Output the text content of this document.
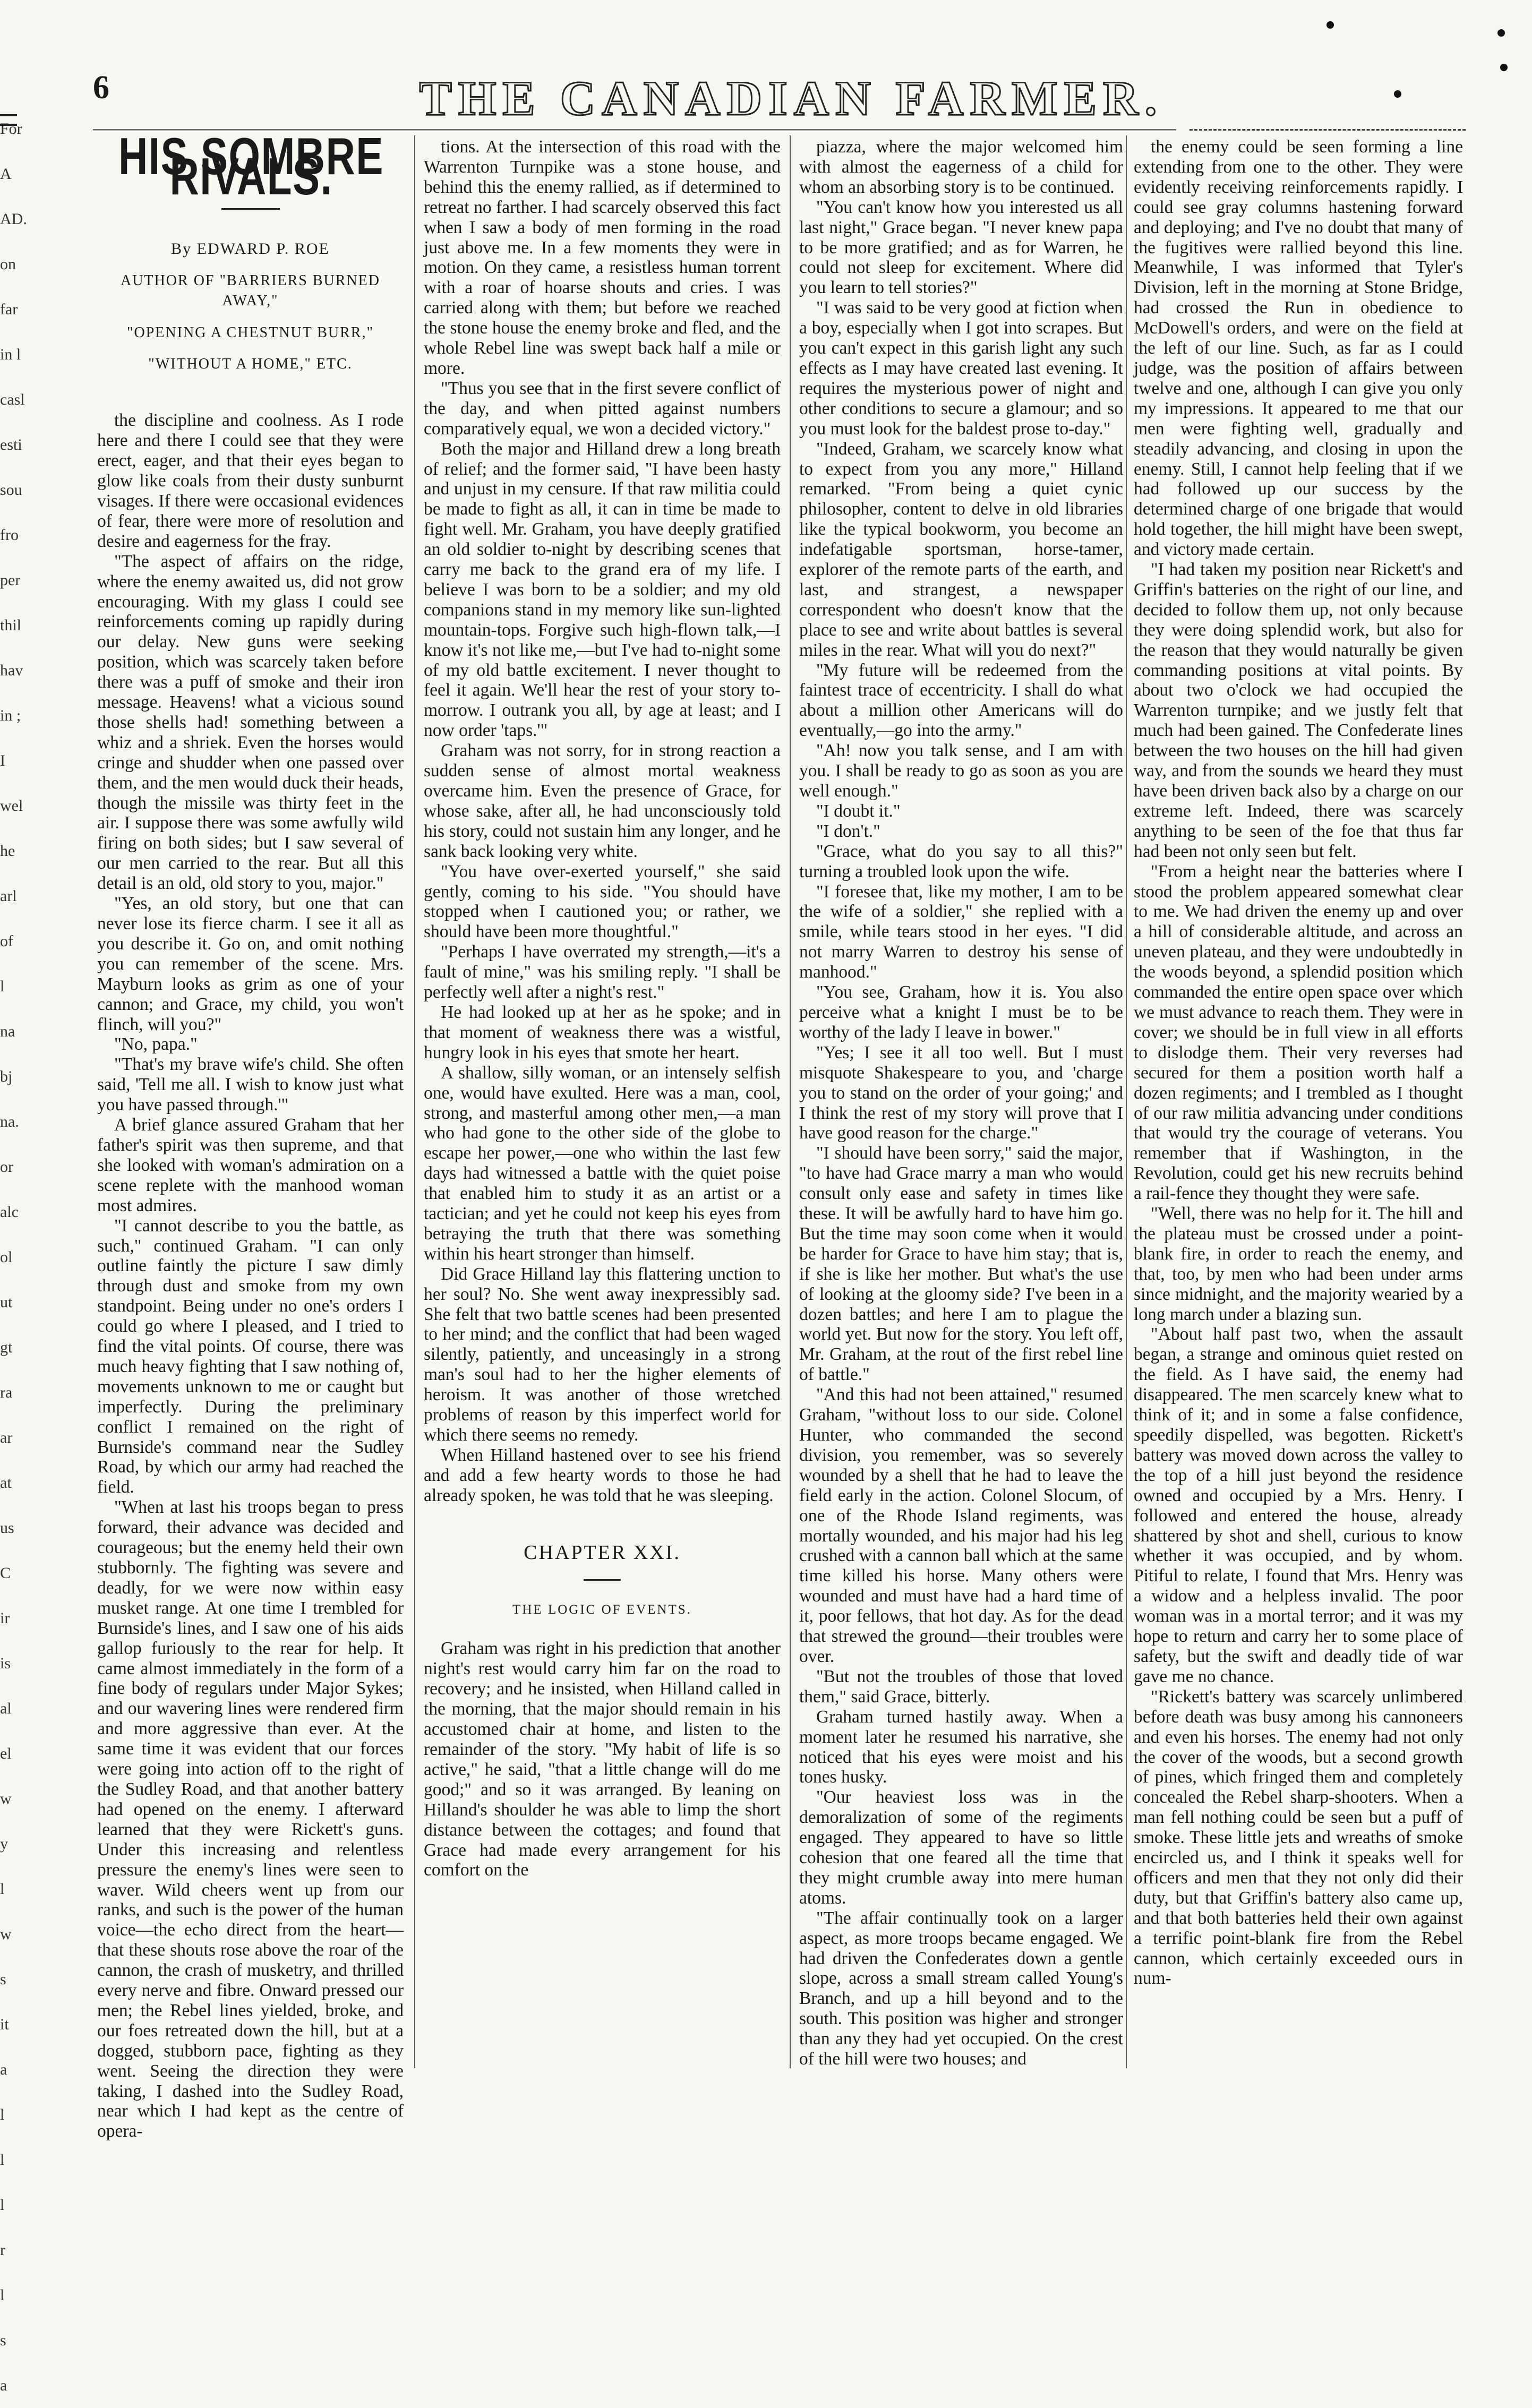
6	THE CANADIAN FARMER.
For
A
AD.
on
far
in l
casl
esti
sou
fro
per
thil
hav
in ;
I
wel
he
arl
of l
na
bj
na.
or
alc
ol
ut
gt
ra
ar
at
us
C
ir
is
al
el
w
y
l
w
s
it
a
l
l
l
r
l
s
a
HIS SOMBRE RIVALS.
By EDWARD P. ROE
AUTHOR OF "BARRIERS BURNED AWAY,"
"OPENING A CHESTNUT BURR,"
"WITHOUT A HOME," ETC.

the discipline and coolness. As I rode here and there I could see that they were erect, eager, and that their eyes began to glow like coals from their dusty sunburnt visages. If there were occasional evidences of fear, there were more of resolution and desire and eagerness for the fray.

"The aspect of affairs on the ridge, where the enemy awaited us, did not grow encouraging. With my glass I could see reinforcements coming up rapidly during our delay. New guns were seeking position, which was scarcely taken before there was a puff of smoke and their iron message. Heavens! what a vicious sound those shells had! something between a whiz and a shriek. Even the horses would cringe and shudder when one passed over them, and the men would duck their heads, though the missile was thirty feet in the air. I suppose there was some awfully wild firing on both sides; but I saw several of our men carried to the rear. But all this detail is an old, old story to you, major."

"Yes, an old story, but one that can never lose its fierce charm. I see it all as you describe it. Go on, and omit nothing you can remember of the scene. Mrs. Mayburn looks as grim as one of your cannon; and Grace, my child, you won't flinch, will you?"

"No, papa."

"That's my brave wife's child. She often said, 'Tell me all. I wish to know just what you have passed through.'"

A brief glance assured Graham that her father's spirit was then supreme, and that she looked with woman's admiration on a scene replete with the manhood woman most admires.

"I cannot describe to you the battle, as such," continued Graham. "I can only outline faintly the picture I saw dimly through dust and smoke from my own standpoint. Being under no one's orders I could go where I pleased, and I tried to find the vital points. Of course, there was much heavy fighting that I saw nothing of, movements unknown to me or caught but imperfectly. During the preliminary conflict I remained on the right of Burnside's command near the Sudley Road, by which our army had reached the field.

"When at last his troops began to press forward, their advance was decided and courageous; but the enemy held their own stubbornly. The fighting was severe and deadly, for we were now within easy musket range. At one time I trembled for Burnside's lines, and I saw one of his aids gallop furiously to the rear for help. It came almost immediately in the form of a fine body of regulars under Major Sykes; and our wavering lines were rendered firm and more aggressive than ever. At the same time it was evident that our forces were going into action off to the right of the Sudley Road, and that another battery had opened on the enemy. I afterward learned that they were Rickett's guns. Under this increasing and relentless pressure the enemy's lines were seen to waver. Wild cheers went up from our ranks, and such is the power of the human voice—the echo direct from the heart—that these shouts rose above the roar of the cannon, the crash of musketry, and thrilled every nerve and fibre. Onward pressed our men; the Rebel lines yielded, broke, and our foes retreated down the hill, but at a dogged, stubborn pace, fighting as they went. Seeing the direction they were taking, I dashed into the Sudley Road, near which I had kept as the centre of opera-

tions. At the intersection of this road with the Warrenton Turnpike was a stone house, and behind this the enemy rallied, as if determined to retreat no farther. I had scarcely observed this fact when I saw a body of men forming in the road just above me. In a few moments they were in motion. On they came, a resistless human torrent with a roar of hoarse shouts and cries. I was carried along with them; but before we reached the stone house the enemy broke and fled, and the whole Rebel line was swept back half a mile or more.

"Thus you see that in the first severe conflict of the day, and when pitted against numbers comparatively equal, we won a decided victory."

Both the major and Hilland drew a long breath of relief; and the former said, "I have been hasty and unjust in my censure. If that raw militia could be made to fight as all, it can in time be made to fight well. Mr. Graham, you have deeply gratified an old soldier to-night by describing scenes that carry me back to the grand era of my life. I believe I was born to be a soldier; and my old companions stand in my memory like sun-lighted mountain-tops. Forgive such high-flown talk,—I know it's not like me,—but I've had to-night some of my old battle excitement. I never thought to feel it again. We'll hear the rest of your story to-morrow. I outrank you all, by age at least; and I now order 'taps.'"

Graham was not sorry, for in strong reaction a sudden sense of almost mortal weakness overcame him. Even the presence of Grace, for whose sake, after all, he had unconsciously told his story, could not sustain him any longer, and he sank back looking very white.

"You have over-exerted yourself," she said gently, coming to his side. "You should have stopped when I cautioned you; or rather, we should have been more thoughtful."

"Perhaps I have overrated my strength,—it's a fault of mine," was his smiling reply. "I shall be perfectly well after a night's rest."

He had looked up at her as he spoke; and in that moment of weakness there was a wistful, hungry look in his eyes that smote her heart.

A shallow, silly woman, or an intensely selfish one, would have exulted. Here was a man, cool, strong, and masterful among other men,—a man who had gone to the other side of the globe to escape her power,—one who within the last few days had witnessed a battle with the quiet poise that enabled him to study it as an artist or a tactician; and yet he could not keep his eyes from betraying the truth that there was something within his heart stronger than himself.

Did Grace Hilland lay this flattering unction to her soul? No. She went away inexpressibly sad. She felt that two battle scenes had been presented to her mind; and the conflict that had been waged silently, patiently, and unceasingly in a strong man's soul had to her the higher elements of heroism. It was another of those wretched problems of reason by this imperfect world for which there seems no remedy.

When Hilland hastened over to see his friend and add a few hearty words to those he had already spoken, he was told that he was sleeping.

CHAPTER XXI.
THE LOGIC OF EVENTS.

Graham was right in his prediction that another night's rest would carry him far on the road to recovery; and he insisted, when Hilland called in the morning, that the major should remain in his accustomed chair at home, and listen to the remainder of the story. "My habit of life is so active," he said, "that a little change will do me good;" and so it was arranged. By leaning on Hilland's shoulder he was able to limp the short distance between the cottages; and found that Grace had made every arrangement for his comfort on the

piazza, where the major welcomed him with almost the eagerness of a child for whom an absorbing story is to be continued.

"You can't know how you interested us all last night," Grace began. "I never knew papa to be more gratified; and as for Warren, he could not sleep for excitement. Where did you learn to tell stories?"

"I was said to be very good at fiction when a boy, especially when I got into scrapes. But you can't expect in this garish light any such effects as I may have created last evening. It requires the mysterious power of night and other conditions to secure a glamour; and so you must look for the baldest prose to-day."

"Indeed, Graham, we scarcely know what to expect from you any more," Hilland remarked. "From being a quiet cynic philosopher, content to delve in old libraries like the typical bookworm, you become an indefatigable sportsman, horse-tamer, explorer of the remote parts of the earth, and last, and strangest, a newspaper correspondent who doesn't know that the place to see and write about battles is several miles in the rear. What will you do next?"

"My future will be redeemed from the faintest trace of eccentricity. I shall do what about a million other Americans will do eventually,—go into the army."

"Ah! now you talk sense, and I am with you. I shall be ready to go as soon as you are well enough."

"I doubt it."

"I don't."

"Grace, what do you say to all this?" turning a troubled look upon the wife.

"I foresee that, like my mother, I am to be the wife of a soldier," she replied with a smile, while tears stood in her eyes. "I did not marry Warren to destroy his sense of manhood."

"You see, Graham, how it is. You also perceive what a knight I must be to be worthy of the lady I leave in bower."

"Yes; I see it all too well. But I must misquote Shakespeare to you, and 'charge you to stand on the order of your going;' and I think the rest of my story will prove that I have good reason for the charge."

"I should have been sorry," said the major, "to have had Grace marry a man who would consult only ease and safety in times like these. It will be awfully hard to have him go. But the time may soon come when it would be harder for Grace to have him stay; that is, if she is like her mother. But what's the use of looking at the gloomy side? I've been in a dozen battles; and here I am to plague the world yet. But now for the story. You left off, Mr. Graham, at the rout of the first rebel line of battle."

"And this had not been attained," resumed Graham, "without loss to our side. Colonel Hunter, who commanded the second division, you remember, was so severely wounded by a shell that he had to leave the field early in the action. Colonel Slocum, of one of the Rhode Island regiments, was mortally wounded, and his major had his leg crushed with a cannon ball which at the same time killed his horse. Many others were wounded and must have had a hard time of it, poor fellows, that hot day. As for the dead that strewed the ground—their troubles were over.

"But not the troubles of those that loved them," said Grace, bitterly.

Graham turned hastily away. When a moment later he resumed his narrative, she noticed that his eyes were moist and his tones husky.

"Our heaviest loss was in the demoralization of some of the regiments engaged. They appeared to have so little cohesion that one feared all the time that they might crumble away into mere human atoms.

"The affair continually took on a larger aspect, as more troops became engaged. We had driven the Confederates down a gentle slope, across a small stream called Young's Branch, and up a hill beyond and to the south. This position was higher and stronger than any they had yet occupied. On the crest of the hill were two houses; and

the enemy could be seen forming a line extending from one to the other. They were evidently receiving reinforcements rapidly. I could see gray columns hastening forward and deploying; and I've no doubt that many of the fugitives were rallied beyond this line. Meanwhile, I was informed that Tyler's Division, left in the morning at Stone Bridge, had crossed the Run in obedience to McDowell's orders, and were on the field at the left of our line. Such, as far as I could judge, was the position of affairs between twelve and one, although I can give you only my impressions. It appeared to me that our men were fighting well, gradually and steadily advancing, and closing in upon the enemy. Still, I cannot help feeling that if we had followed up our success by the determined charge of one brigade that would hold together, the hill might have been swept, and victory made certain.

"I had taken my position near Rickett's and Griffin's batteries on the right of our line, and decided to follow them up, not only because they were doing splendid work, but also for the reason that they would naturally be given commanding positions at vital points. By about two o'clock we had occupied the Warrenton turnpike; and we justly felt that much had been gained. The Confederate lines between the two houses on the hill had given way, and from the sounds we heard they must have been driven back also by a charge on our extreme left. Indeed, there was scarcely anything to be seen of the foe that thus far had been not only seen but felt.

"From a height near the batteries where I stood the problem appeared somewhat clear to me. We had driven the enemy up and over a hill of considerable altitude, and across an uneven plateau, and they were undoubtedly in the woods beyond, a splendid position which commanded the entire open space over which we must advance to reach them. They were in cover; we should be in full view in all efforts to dislodge them. Their very reverses had secured for them a position worth half a dozen regiments; and I trembled as I thought of our raw militia advancing under conditions that would try the courage of veterans. You remember that if Washington, in the Revolution, could get his new recruits behind a rail-fence they thought they were safe.

"Well, there was no help for it. The hill and the plateau must be crossed under a point-blank fire, in order to reach the enemy, and that, too, by men who had been under arms since midnight, and the majority wearied by a long march under a blazing sun.

"About half past two, when the assault began, a strange and ominous quiet rested on the field. As I have said, the enemy had disappeared. The men scarcely knew what to think of it; and in some a false confidence, speedily dispelled, was begotten. Rickett's battery was moved down across the valley to the top of a hill just beyond the residence owned and occupied by a Mrs. Henry. I followed and entered the house, already shattered by shot and shell, curious to know whether it was occupied, and by whom. Pitiful to relate, I found that Mrs. Henry was a widow and a helpless invalid. The poor woman was in a mortal terror; and it was my hope to return and carry her to some place of safety, but the swift and deadly tide of war gave me no chance.

"Rickett's battery was scarcely unlimbered before death was busy among his cannoneers and even his horses. The enemy had not only the cover of the woods, but a second growth of pines, which fringed them and completely concealed the Rebel sharp-shooters. When a man fell nothing could be seen but a puff of smoke. These little jets and wreaths of smoke encircled us, and I think it speaks well for officers and men that they not only did their duty, but that Griffin's battery also came up, and that both batteries held their own against a terrific point-blank fire from the Rebel cannon, which certainly exceeded ours in num-
